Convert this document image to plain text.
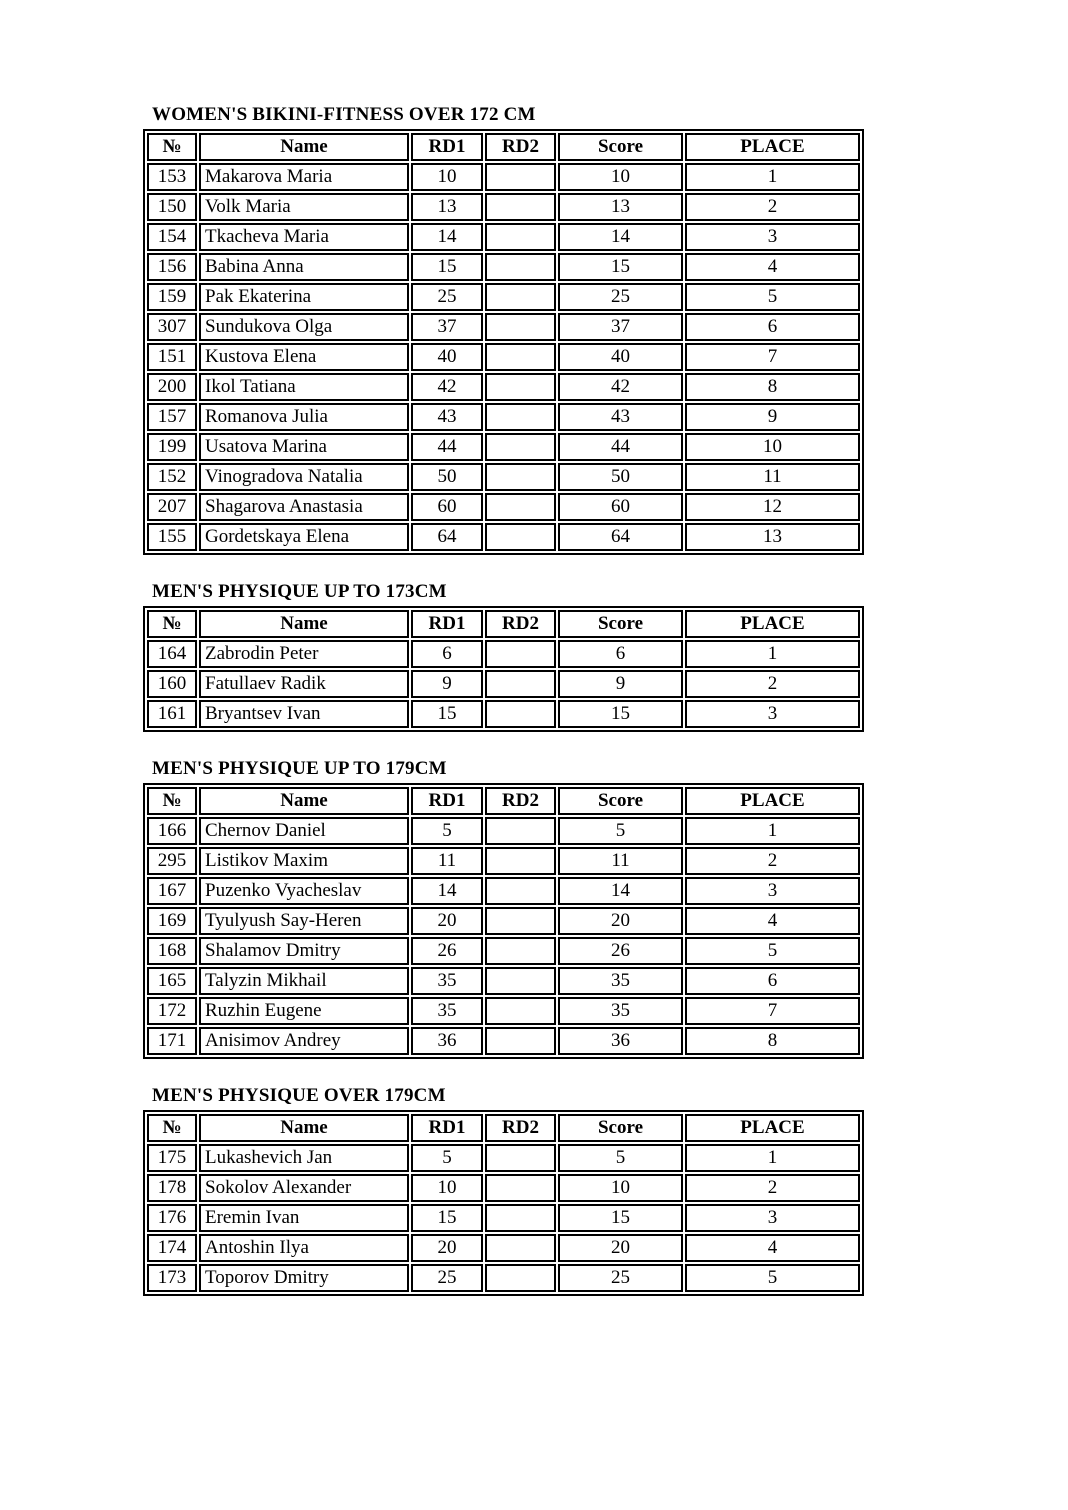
WOMEN'S BIKINI-FITNESS OVER 172 CM
№	Name	RD1	RD2	Score	PLACE
153	Makarova Maria	10		10	1
150	Volk Maria	13		13	2
154	Tkacheva Maria	14		14	3
156	Babina Anna	15		15	4
159	Pak Ekaterina	25		25	5
307	Sundukova Olga	37		37	6
151	Kustova Elena	40		40	7
200	Ikol Tatiana	42		42	8
157	Romanova Julia	43		43	9
199	Usatova Marina	44		44	10
152	Vinogradova Natalia	50		50	11
207	Shagarova Anastasia	60		60	12
155	Gordetskaya Elena	64		64	13
MEN'S PHYSIQUE UP TO 173CM
№	Name	RD1	RD2	Score	PLACE
164	Zabrodin Peter	6		6	1
160	Fatullaev Radik	9		9	2
161	Bryantsev Ivan	15		15	3
MEN'S PHYSIQUE UP TO 179CM
№	Name	RD1	RD2	Score	PLACE
166	Chernov Daniel	5		5	1
295	Listikov Maxim	11		11	2
167	Puzenko Vyacheslav	14		14	3
169	Tyulyush Say-Heren	20		20	4
168	Shalamov Dmitry	26		26	5
165	Talyzin Mikhail	35		35	6
172	Ruzhin Eugene	35		35	7
171	Anisimov Andrey	36		36	8
MEN'S PHYSIQUE OVER 179CM
№	Name	RD1	RD2	Score	PLACE
175	Lukashevich Jan	5		5	1
178	Sokolov Alexander	10		10	2
176	Eremin Ivan	15		15	3
174	Antoshin Ilya	20		20	4
173	Toporov Dmitry	25		25	5
